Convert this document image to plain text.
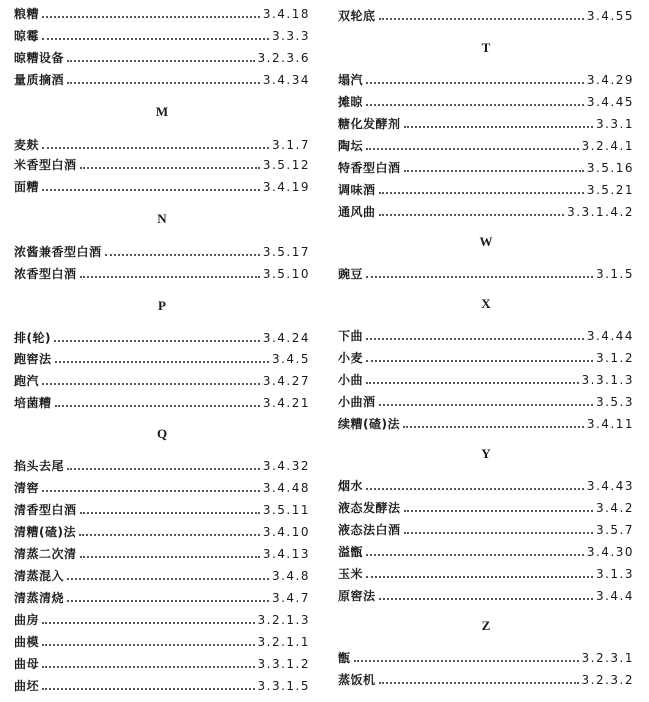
粮糟	3.4.18
晾霉	3.3.3
晾糟设备	3.2.3.6
量质摘酒	3.4.34
M
麦麸	3.1.7
米香型白酒	3.5.12
面糟	3.4.19
N
浓酱兼香型白酒	3.5.17
浓香型白酒	3.5.10
P
排(轮)	3.4.24
跑窖法	3.4.5
跑汽	3.4.27
培菌糟	3.4.21
Q
掐头去尾	3.4.32
清窖	3.4.48
清香型白酒	3.5.11
清糟(碴)法	3.4.10
清蒸二次清	3.4.13
清蒸混入	3.4.8
清蒸清烧	3.4.7
曲房	3.2.1.3
曲模	3.2.1.1
曲母	3.3.1.2
曲坯	3.3.1.5
双轮底	3.4.55
T
塌汽	3.4.29
摊晾	3.4.45
糖化发酵剂	3.3.1
陶坛	3.2.4.1
特香型白酒	3.5.16
调味酒	3.5.21
通风曲	3.3.1.4.2
W
豌豆	3.1.5
X
下曲	3.4.44
小麦	3.1.2
小曲	3.3.1.3
小曲酒	3.5.3
续糟(碴)法	3.4.11
Y
烟水	3.4.43
液态发酵法	3.4.2
液态法白酒	3.5.7
溢甑	3.4.30
玉米	3.1.3
原窖法	3.4.4
Z
甑	3.2.3.1
蒸饭机	3.2.3.2
